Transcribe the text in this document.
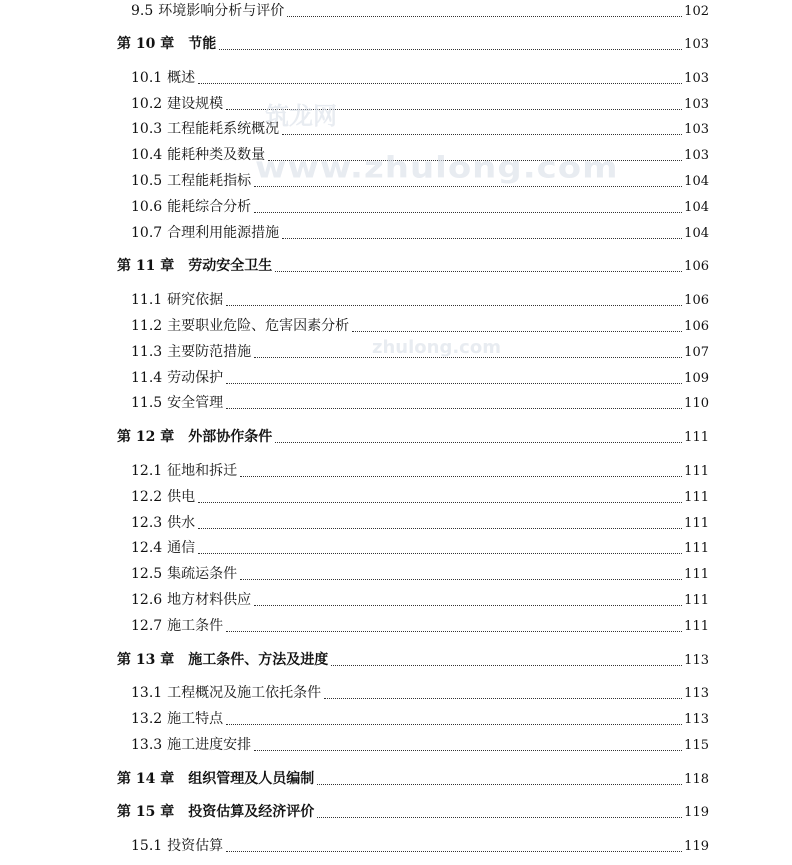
9.5 环境影响分析与评价	102
第 10 章 节能	103
10.1 概述	103
10.2 建设规模	103
10.3 工程能耗系统概况	103
10.4 能耗种类及数量	103
10.5 工程能耗指标	104
10.6 能耗综合分析	104
10.7 合理利用能源措施	104
第 11 章 劳动安全卫生	106
11.1 研究依据	106
11.2 主要职业危险、危害因素分析	106
11.3 主要防范措施	107
11.4 劳动保护	109
11.5 安全管理	110
第 12 章 外部协作条件	111
12.1 征地和拆迁	111
12.2 供电	111
12.3 供水	111
12.4 通信	111
12.5 集疏运条件	111
12.6 地方材料供应	111
12.7 施工条件	111
第 13 章 施工条件、方法及进度	113
13.1 工程概况及施工依托条件	113
13.2 施工特点	113
13.3 施工进度安排	115
第 14 章 组织管理及人员编制	118
第 15 章 投资估算及经济评价	119
15.1 投资估算	119
筑龙网
www.zhulong.com
zhulong.com
